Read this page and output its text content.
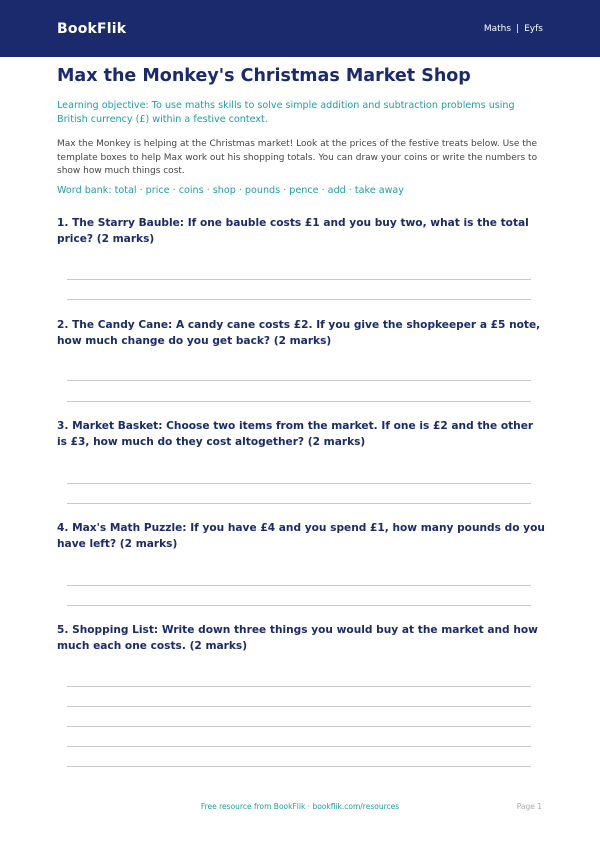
BookFlik	Maths | Eyfs
Max the Monkey's Christmas Market Shop

Learning objective: To use maths skills to solve simple addition and subtraction problems using British currency (£) within a festive context.

Max the Monkey is helping at the Christmas market! Look at the prices of the festive treats below. Use the template boxes to help Max work out his shopping totals. You can draw your coins or write the numbers to show how much things cost.

Word bank: total · price · coins · shop · pounds · pence · add · take away

1. The Starry Bauble: If one bauble costs £1 and you buy two, what is the total price? (2 marks)

2. The Candy Cane: A candy cane costs £2. If you give the shopkeeper a £5 note, how much change do you get back? (2 marks)

3. Market Basket: Choose two items from the market. If one is £2 and the other is £3, how much do they cost altogether? (2 marks)

4. Max's Math Puzzle: If you have £4 and you spend £1, how many pounds do you have left? (2 marks)

5. Shopping List: Write down three things you would buy at the market and how much each one costs. (2 marks)

Free resource from BookFlik · bookflik.com/resources	Page 1
